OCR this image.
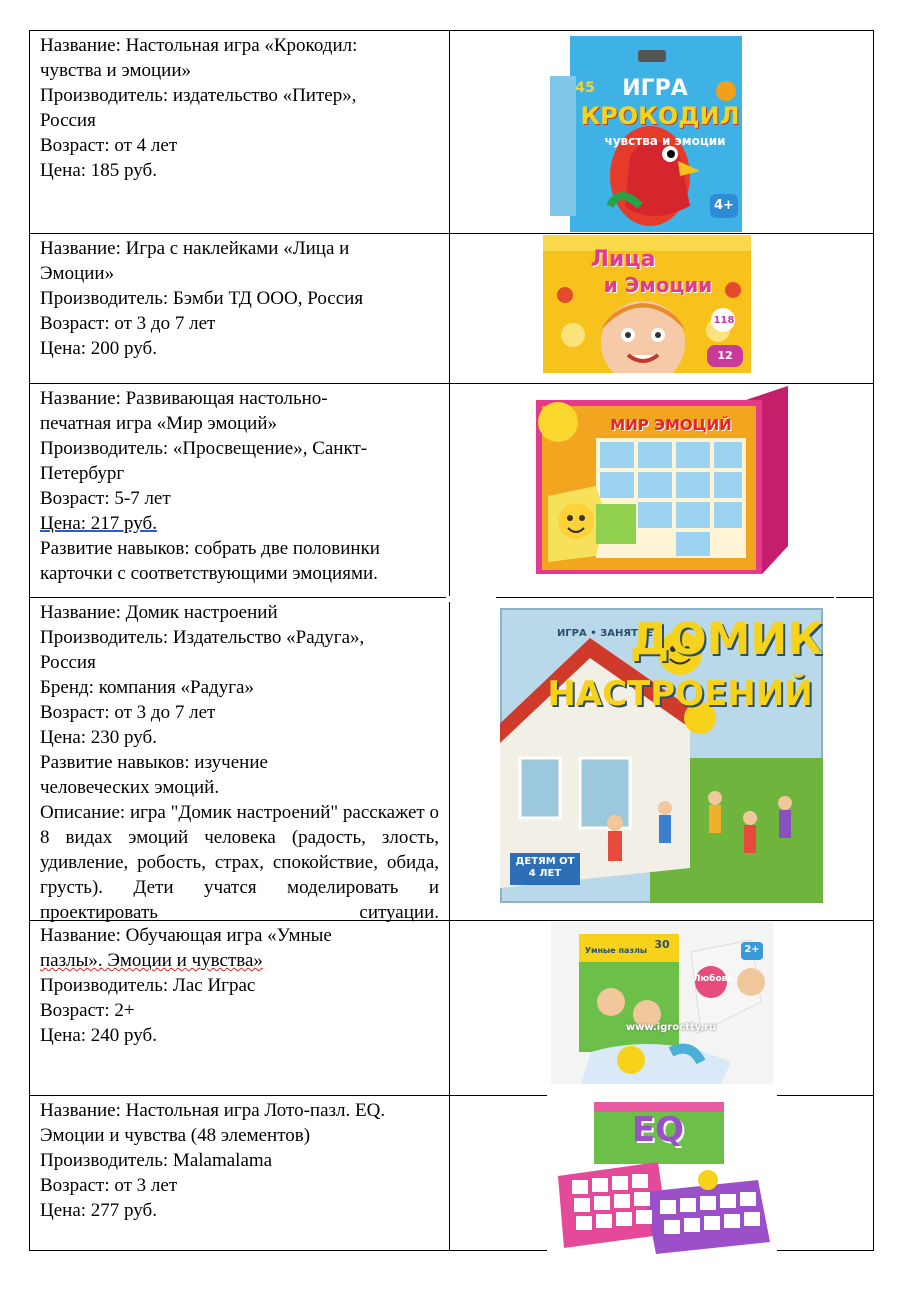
Название: Настольная игра «Крокодил:
чувства и эмоции»
Производитель: издательство «Питер»,
Россия
Возраст: от 4 лет
Цена: 185 руб.
45	ИГРА
КРОКОДИЛ
чувства и эмоции
4+
Название: Игра с наклейками «Лица и
Эмоции»
Производитель: Бэмби ТД ООО, Россия
Возраст: от 3 до 7 лет
Цена: 200 руб.
Лица
и Эмоции
118
12
Название: Развивающая настольно-
печатная игра «Мир эмоций»
Производитель: «Просвещение», Санкт-
Петербург
Возраст: 5-7 лет
Цена: 217 руб.
Развитие навыков: собрать две половинки
карточки с соответствующими эмоциями.
МИР ЭМОЦИЙ
Название: Домик настроений
Производитель: Издательство «Радуга»,
Россия
Бренд: компания «Радуга»
Возраст: от 3 до 7 лет
Цена: 230 руб.
Развитие навыков: изучение
человеческих эмоций.
Описание: игра "Домик настроений" расскажет о 8 видах эмоций человека (радость, злость, удивление, робость, страх, спокойствие, обида, грусть). Дети учатся моделировать и проектировать ситуации.
ИГРА • ЗАНЯТИЕ
ДОМИК
НАСТРОЕНИЙ
ДЕТЯМ ОТ 4 ЛЕТ
Название: Обучающая игра «Умные
пазлы». Эмоции и чувства»
Производитель: Лас Играс
Возраст: 2+
Цена: 240 руб.
Умные пазлы 30	2+
Любовь
www.igroctty.ru
Название: Настольная игра Лото-пазл. EQ.
Эмоции и чувства (48 элементов)
Производитель: Malamalama
Возраст: от 3 лет
Цена: 277 руб.
EQ
